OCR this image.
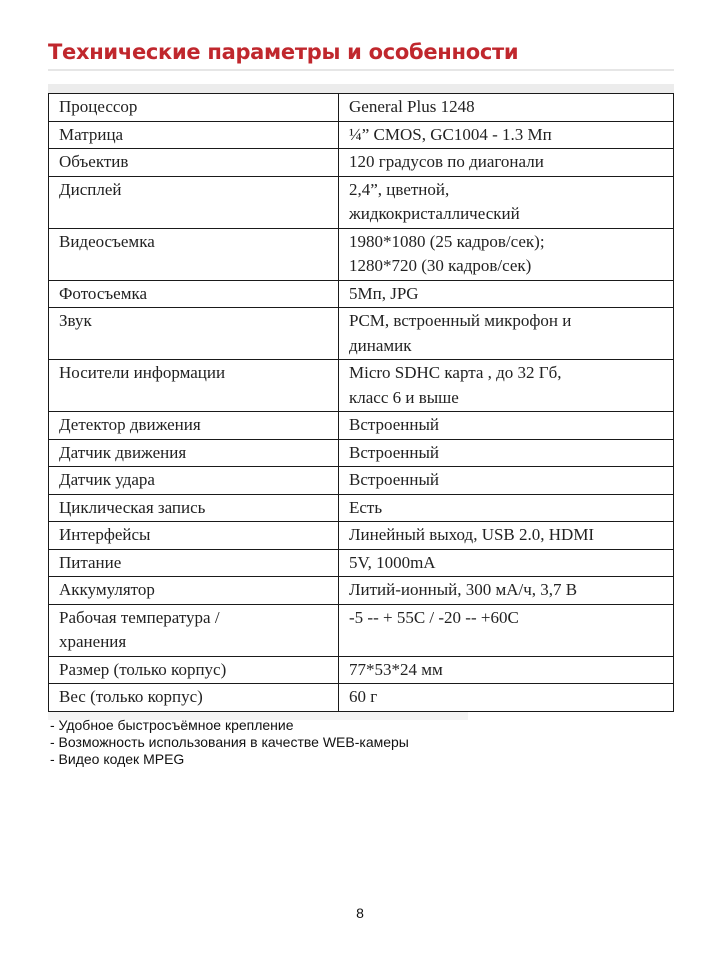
Технические параметры и особенности
Процессор	General Plus 1248
Матрица	¼” CMOS, GC1004 - 1.3 Мп
Объектив	120 градусов по диагонали
Дисплей	2,4”, цветной,
жидкокристаллический
Видеосъемка	1980*1080 (25 кадров/сек);
1280*720 (30 кадров/сек)
Фотосъемка	5Мп, JPG
Звук	PCM, встроенный микрофон и
динамик
Носители информации	Micro SDHC карта , до 32 Гб,
класс 6 и выше
Детектор движения	Встроенный
Датчик движения	Встроенный
Датчик удара	Встроенный
Циклическая запись	Есть
Интерфейсы	Линейный выход, USB 2.0, HDMI
Питание	5V, 1000mA
Аккумулятор	Литий-ионный, 300 мА/ч, 3,7 В
Рабочая температура /
хранения	-5 -- + 55С / -20 -- +60С
Размер (только корпус)	77*53*24 мм
Вес (только корпус)	60 г
- Удобное быстросъёмное крепление
- Возможность использования в качестве WEB-камеры
- Видео кодек MPEG
8
